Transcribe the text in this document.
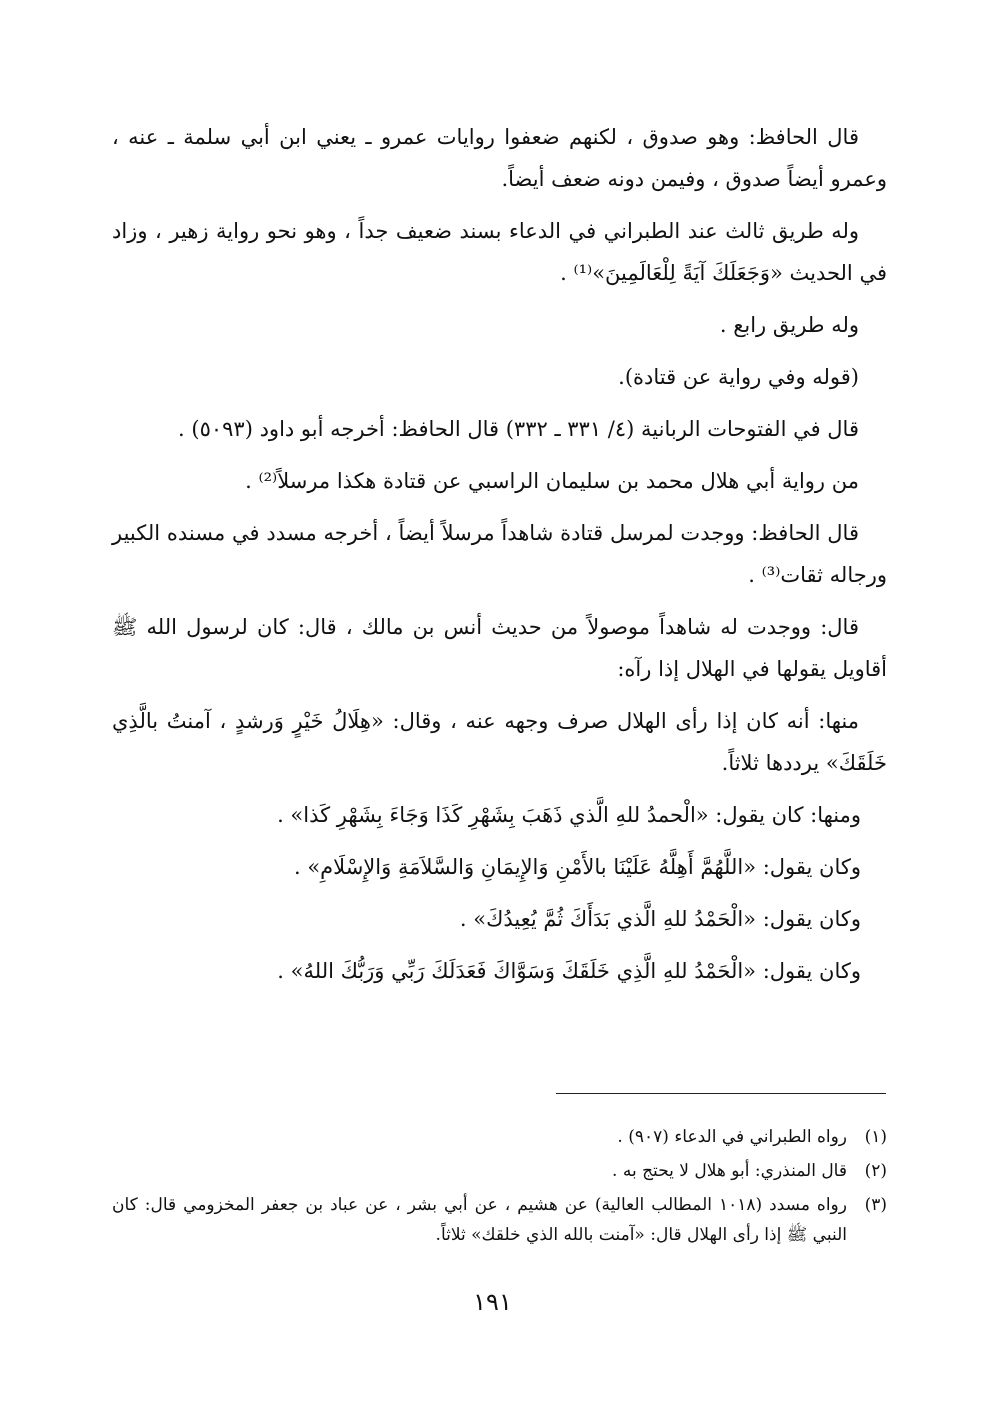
قال الحافظ: وهو صدوق ، لكنهم ضعفوا روايات عمرو ـ يعني ابن أبي سلمة ـ عنه ، وعمرو أيضاً صدوق ، وفيمن دونه ضعف أيضاً.

وله طريق ثالث عند الطبراني في الدعاء بسند ضعيف جداً ، وهو نحو رواية زهير ، وزاد في الحديث «وَجَعَلَكَ آيَةً لِلْعَالَمِينَ»⁽¹⁾ .

وله طريق رابع .

(قوله وفي رواية عن قتادة).

قال في الفتوحات الربانية (٤/ ٣٣١ ـ ٣٣٢) قال الحافظ: أخرجه أبو داود (٥٠٩٣) .

من رواية أبي هلال محمد بن سليمان الراسبي عن قتادة هكذا مرسلاً⁽²⁾ .

قال الحافظ: ووجدت لمرسل قتادة شاهداً مرسلاً أيضاً ، أخرجه مسدد في مسنده الكبير ورجاله ثقات⁽³⁾ .

قال: ووجدت له شاهداً موصولاً من حديث أنس بن مالك ، قال: كان لرسول الله ﷺ أقاويل يقولها في الهلال إذا رآه:

منها: أنه كان إذا رأى الهلال صرف وجهه عنه ، وقال: «هِلَالُ خَيْرٍ وَرشدٍ ، آمنتُ بالَّذِي خَلَقَكَ» يرددها ثلاثاً.

ومنها: كان يقول: «الْحمدُ للهِ الَّذي ذَهَبَ بِشَهْرِ كَذَا وَجَاءَ بِشَهْرِ كَذا» .

وكان يقول: «اللَّهُمَّ أَهِلَّهُ عَلَيْنَا بالأَمْنِ وَالإِيمَانِ وَالسَّلاَمَةِ وَالإِسْلَامِ» .

وكان يقول: «الْحَمْدُ للهِ الَّذي بَدَأَكَ ثُمَّ يُعِيدُكَ» .

وكان يقول: «الْحَمْدُ للهِ الَّذِي خَلَقَكَ وَسَوَّاكَ فَعَدَلَكَ رَبِّي وَرَبُّكَ اللهُ» .

(١)
رواه الطبراني في الدعاء (٩٠٧) .
(٢)
قال المنذري: أبو هلال لا يحتج به .
(٣)
رواه مسدد (١٠١٨ المطالب العالية) عن هشيم ، عن أبي بشر ، عن عباد بن جعفر المخزومي قال: كان النبي ﷺ إذا رأى الهلال قال: «آمنت بالله الذي خلقك» ثلاثاً.
١٩١
